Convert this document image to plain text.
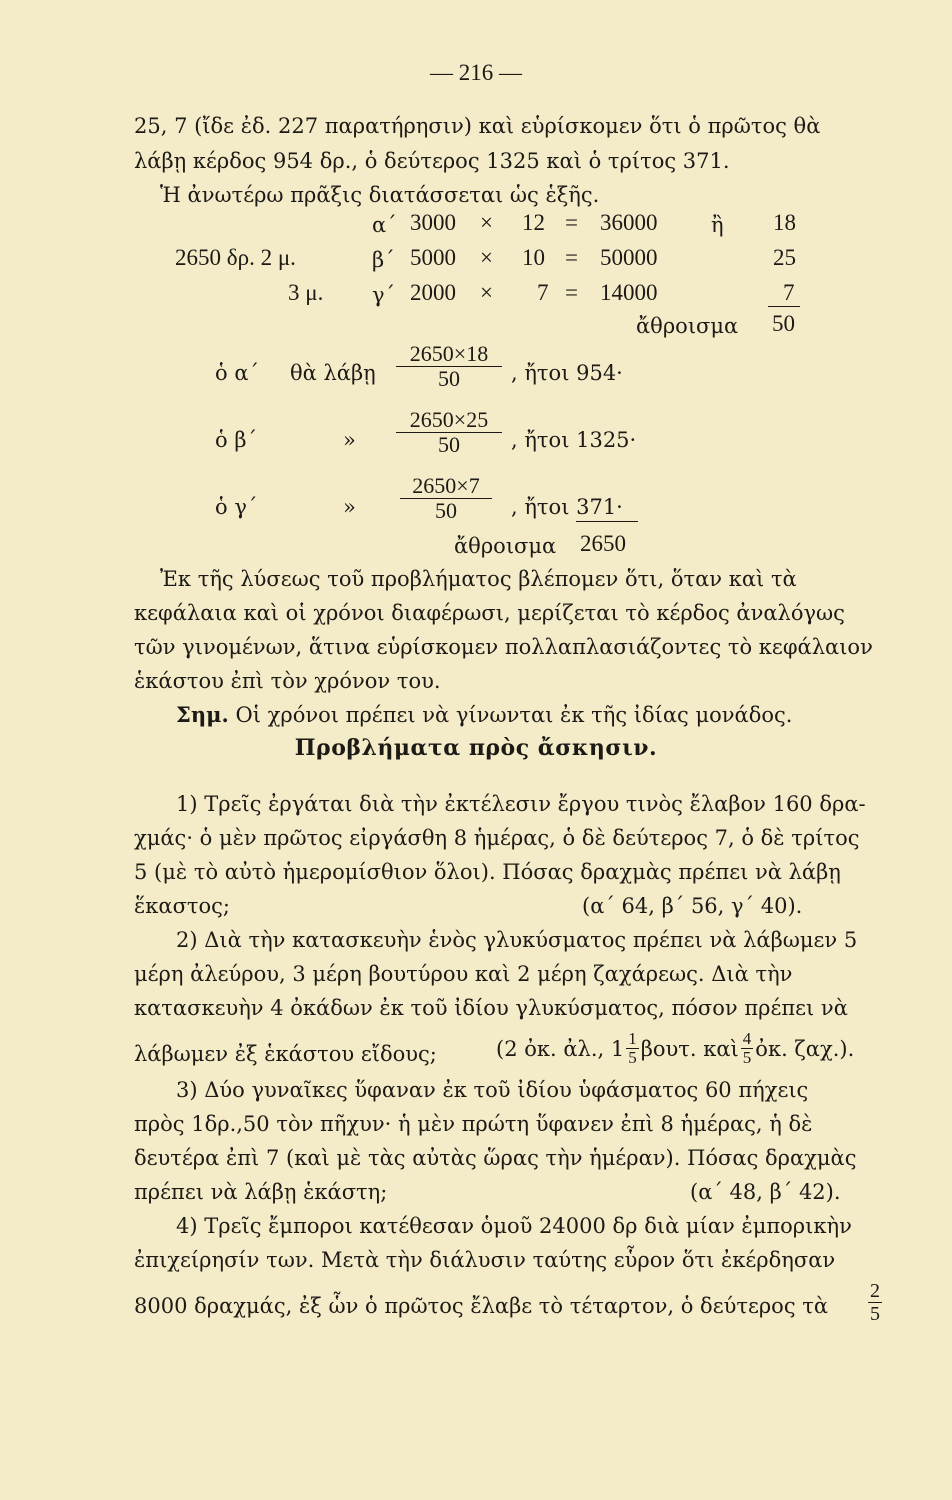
— 216 —
25, 7 (ἴδε ἐδ. 227 παρατήρησιν) καὶ εὑρίσκομεν ὅτι ὁ πρῶτος θὰ
λάβῃ κέρδος 954 δρ., ὁ δεύτερος 1325 καὶ ὁ τρίτος 371.
Ἡ ἀνωτέρω πρᾶξις διατάσσεται ὡς ἑξῆς.
α΄ 3000 × 12 = 36000	ἢ 18
2650 δρ. 2 μ.	β΄ 5000 × 10 = 50000	25
3 μ. γ΄ 2000 × 7 = 14000	7
ἄθροισμα 50
ὁ α΄ θὰ λάβῃ $\frac{2650\times 18}{50}$ , ἤτοι 954·
ὁ β΄	» $\frac{2650\times 25}{50}$ , ἤτοι 1325·
ὁ γ΄	» $\frac{2650\times 7}{50}$ , ἤτοι 371·
ἄθροισμα 2650
Ἐκ τῆς λύσεως τοῦ προβλήματος βλέπομεν ὅτι, ὅταν καὶ τὰ
κεφάλαια καὶ οἱ χρόνοι διαφέρωσι, μερίζεται τὸ κέρδος ἀναλόγως
τῶν γινομένων, ἅτινα εὑρίσκομεν πολλαπλασιάζοντες τὸ κεφάλαιον
ἑκάστου ἐπὶ τὸν χρόνον του.
Σημ. Οἱ χρόνοι πρέπει νὰ γίνωνται ἐκ τῆς ἰδίας μονάδος.
Προβλήματα πρὸς ἄσκησιν.
1) Τρεῖς ἐργάται διὰ τὴν ἐκτέλεσιν ἔργου τινὸς ἔλαβον 160 δρα-
χμάς· ὁ μὲν πρῶτος εἰργάσθη 8 ἡμέρας, ὁ δὲ δεύτερος 7, ὁ δὲ τρίτος
5 (μὲ τὸ αὐτὸ ἡμερομίσθιον ὅλοι). Πόσας δραχμὰς πρέπει νὰ λάβῃ
ἕκαστος;	(α΄ 64, β΄ 56, γ΄ 40).
2) Διὰ τὴν κατασκευὴν ἑνὸς γλυκύσματος πρέπει νὰ λάβωμεν 5
μέρη ἀλεύρου, 3 μέρη βουτύρου καὶ 2 μέρη ζαχάρεως. Διὰ τὴν
κατασκευὴν 4 ὀκάδων ἐκ τοῦ ἰδίου γλυκύσματος, πόσον πρέπει νὰ
λάβωμεν ἐξ ἑκάστου εἴδους;	(2 ὀκ. ἀλ., $1 \frac{1}{5} \beta o\upsilon\tau$. καὶ $\frac{4}{5}$ ὀκ. ζαχ.).
3) Δύο γυναῖκες ὕφαναν ἐκ τοῦ ἰδίου ὑφάσματος 60 πήχεις
πρὸς 1δρ.,50 τὸν πῆχυν· ἡ μὲν πρώτη ὕφανεν ἐπὶ 8 ἡμέρας, ἡ δὲ
δευτέρα ἐπὶ 7 (καὶ μὲ τὰς αὐτὰς ὥρας τὴν ἡμέραν). Πόσας δραχμὰς
πρέπει νὰ λάβῃ ἑκάστη;	(α΄ 48, β΄ 42).
4) Τρεῖς ἔμποροι κατέθεσαν ὁμοῦ 24000 δρ διὰ μίαν ἐμπορικὴν
ἐπιχείρησίν των. Μετὰ τὴν διάλυσιν ταύτης εὗρον ὅτι ἐκέρδησαν
8000 δραχμάς, ἐξ ὧν ὁ πρῶτος ἔλαβε τὸ τέταρτον, ὁ δεύτερος τὰ $\frac{2}{5}$
